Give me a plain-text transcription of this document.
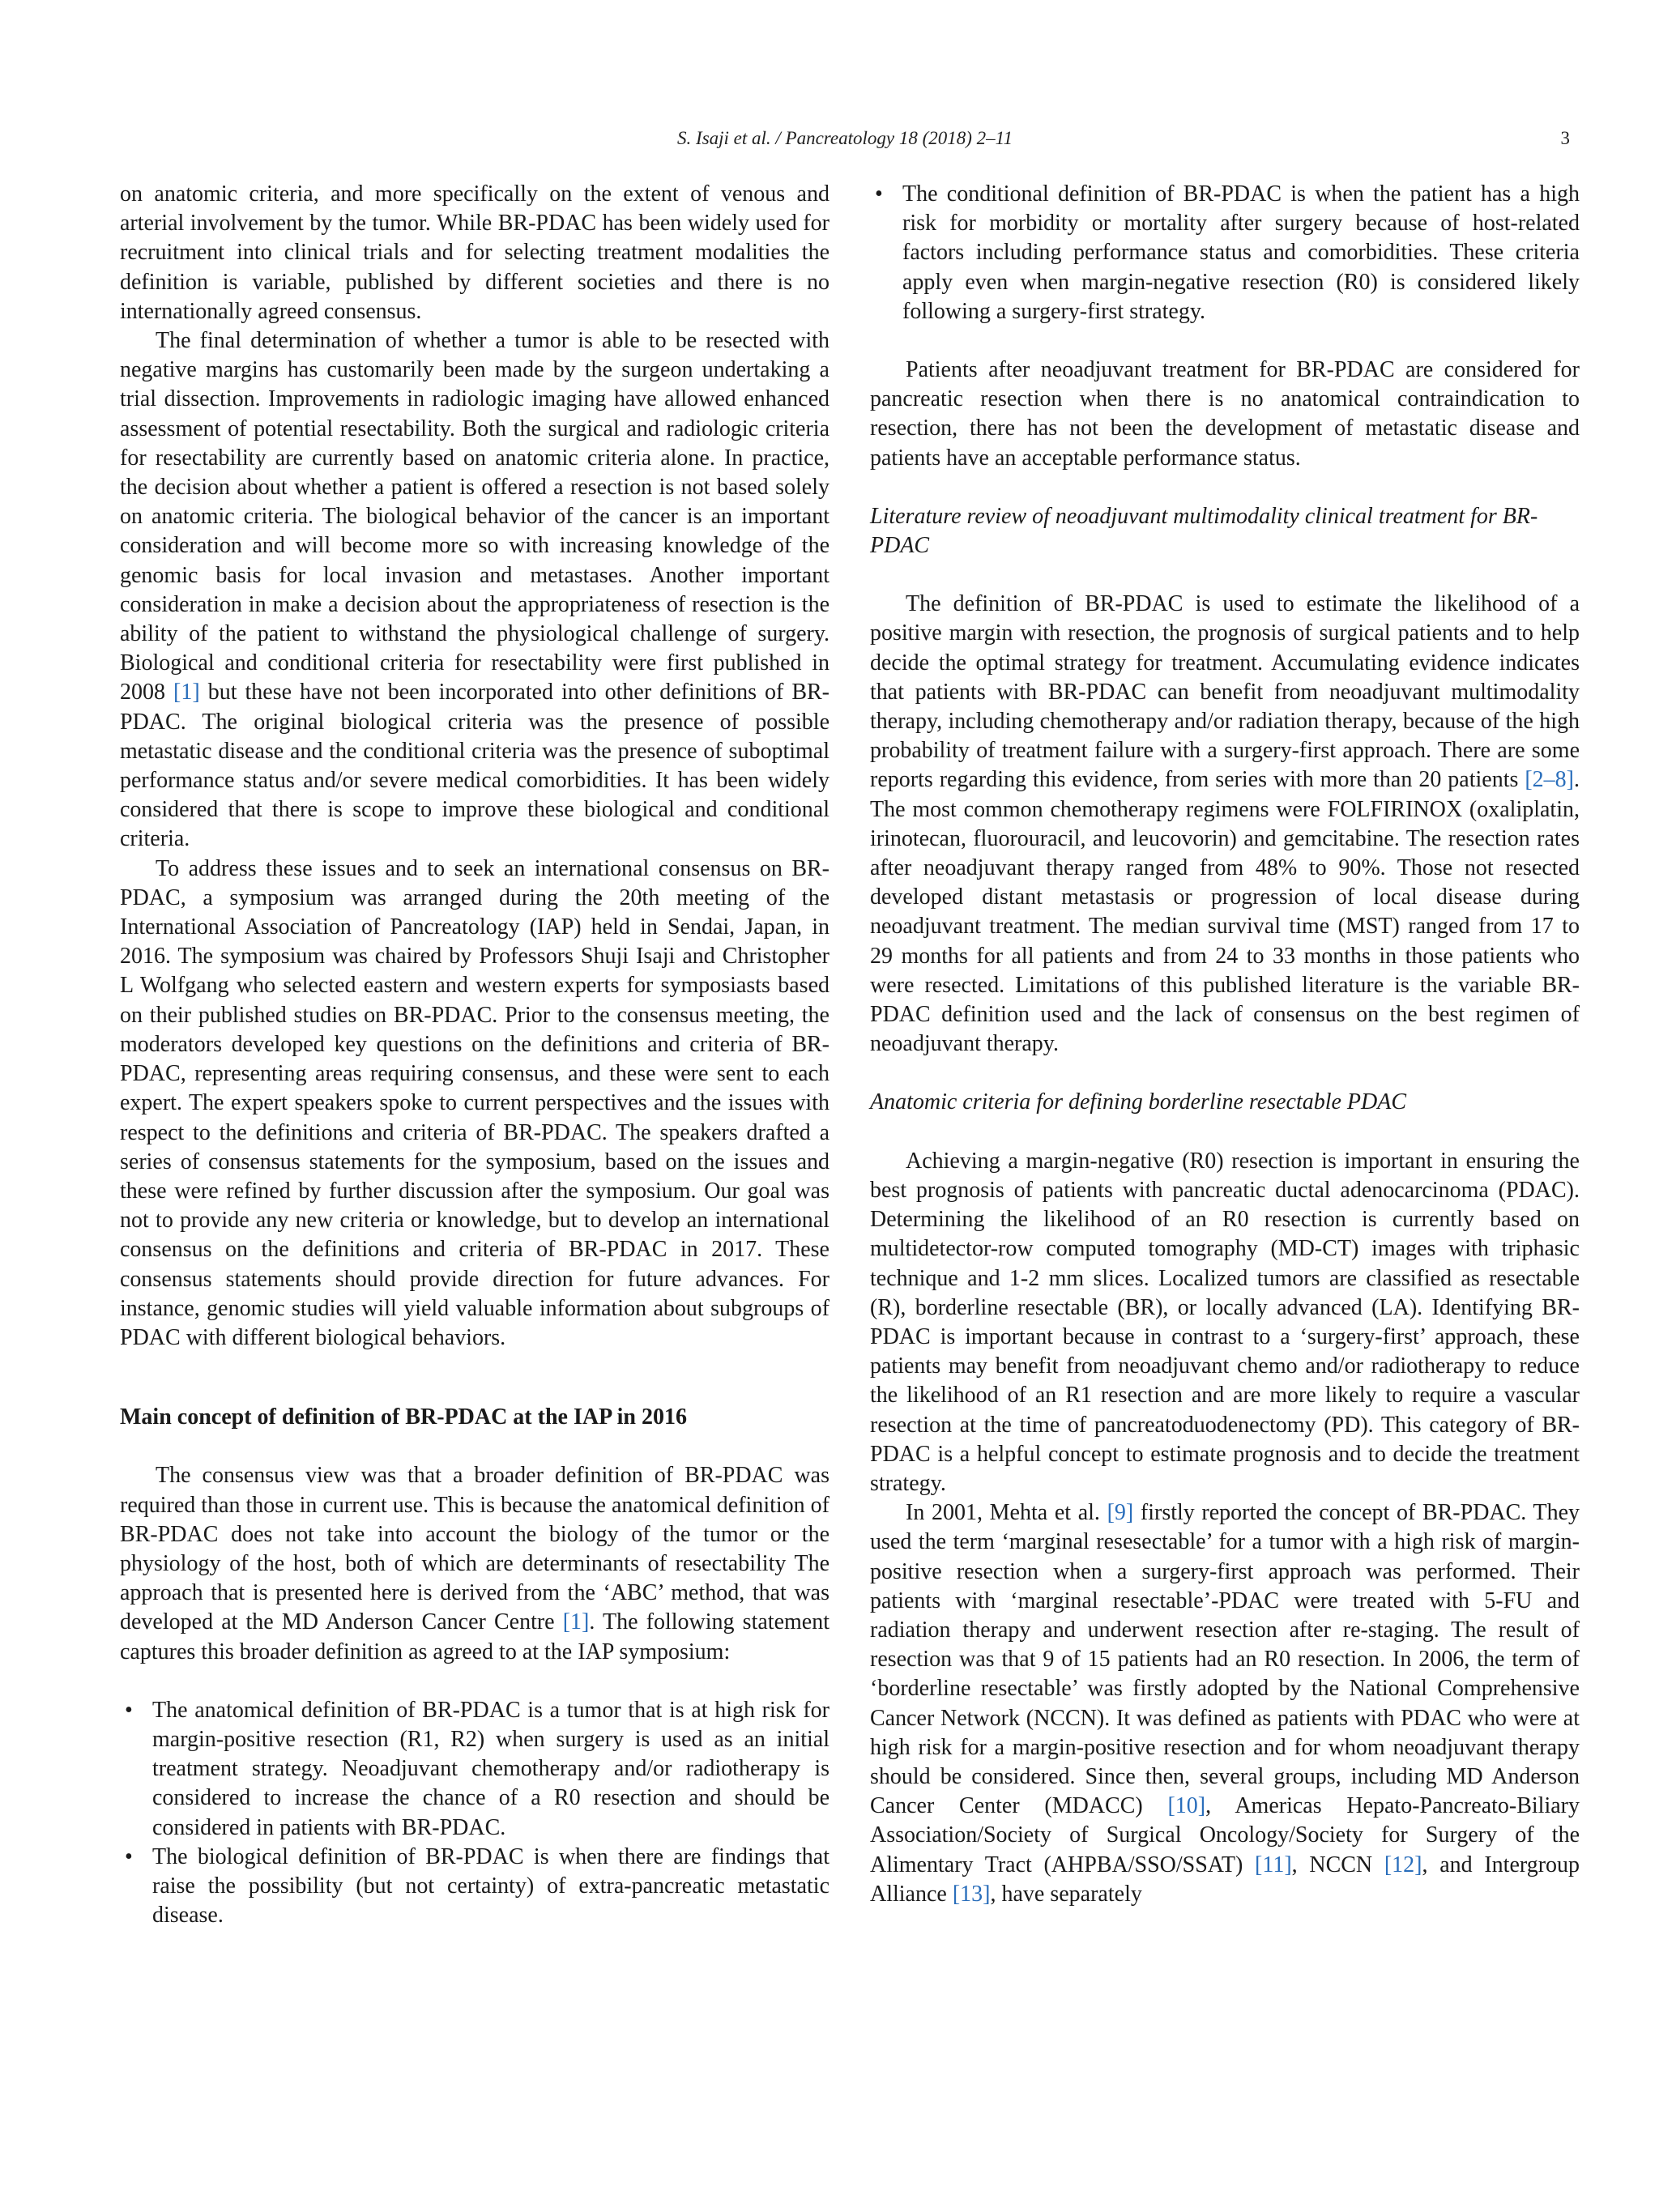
S. Isaji et al. / Pancreatology 18 (2018) 2–11	3

on anatomic criteria, and more specifically on the extent of venous and arterial involvement by the tumor. While BR-PDAC has been widely used for recruitment into clinical trials and for selecting treatment modalities the definition is variable, published by different societies and there is no internationally agreed consensus.

The final determination of whether a tumor is able to be resected with negative margins has customarily been made by the surgeon undertaking a trial dissection. Improvements in radiologic imaging have allowed enhanced assessment of potential resectability. Both the surgical and radiologic criteria for resectability are currently based on anatomic criteria alone. In practice, the decision about whether a patient is offered a resection is not based solely on anatomic criteria. The biological behavior of the cancer is an important consideration and will become more so with increasing knowledge of the genomic basis for local invasion and metastases. Another important consideration in make a decision about the appropriateness of resection is the ability of the patient to withstand the physiological challenge of surgery. Biological and conditional criteria for resectability were first published in 2008 [1] but these have not been incorporated into other definitions of BR-PDAC. The original biological criteria was the presence of possible metastatic disease and the conditional criteria was the presence of suboptimal performance status and/or severe medical comorbidities. It has been widely considered that there is scope to improve these biological and conditional criteria.

To address these issues and to seek an international consensus on BR-PDAC, a symposium was arranged during the 20th meeting of the International Association of Pancreatology (IAP) held in Sendai, Japan, in 2016. The symposium was chaired by Professors Shuji Isaji and Christopher L Wolfgang who selected eastern and western experts for symposiasts based on their published studies on BR-PDAC. Prior to the consensus meeting, the moderators developed key questions on the definitions and criteria of BR-PDAC, representing areas requiring consensus, and these were sent to each expert. The expert speakers spoke to current perspectives and the issues with respect to the definitions and criteria of BR-PDAC. The speakers drafted a series of consensus statements for the symposium, based on the issues and these were refined by further discussion after the symposium. Our goal was not to provide any new criteria or knowledge, but to develop an international consensus on the definitions and criteria of BR-PDAC in 2017. These consensus statements should provide direction for future advances. For instance, genomic studies will yield valuable information about subgroups of PDAC with different biological behaviors.

Main concept of definition of BR-PDAC at the IAP in 2016

The consensus view was that a broader definition of BR-PDAC was required than those in current use. This is because the anatomical definition of BR-PDAC does not take into account the biology of the tumor or the physiology of the host, both of which are determinants of resectability The approach that is presented here is derived from the ‘ABC’ method, that was developed at the MD Anderson Cancer Centre [1]. The following statement captures this broader definition as agreed to at the IAP symposium:

• The anatomical definition of BR-PDAC is a tumor that is at high risk for margin-positive resection (R1, R2) when surgery is used as an initial treatment strategy. Neoadjuvant chemotherapy and/or radiotherapy is considered to increase the chance of a R0 resection and should be considered in patients with BR-PDAC.
• The biological definition of BR-PDAC is when there are findings that raise the possibility (but not certainty) of extra-pancreatic metastatic disease.
• The conditional definition of BR-PDAC is when the patient has a high risk for morbidity or mortality after surgery because of host-related factors including performance status and comorbidities. These criteria apply even when margin-negative resection (R0) is considered likely following a surgery-first strategy.

Patients after neoadjuvant treatment for BR-PDAC are considered for pancreatic resection when there is no anatomical contraindication to resection, there has not been the development of metastatic disease and patients have an acceptable performance status.

Literature review of neoadjuvant multimodality clinical treatment for BR-PDAC

The definition of BR-PDAC is used to estimate the likelihood of a positive margin with resection, the prognosis of surgical patients and to help decide the optimal strategy for treatment. Accumulating evidence indicates that patients with BR-PDAC can benefit from neoadjuvant multimodality therapy, including chemotherapy and/or radiation therapy, because of the high probability of treatment failure with a surgery-first approach. There are some reports regarding this evidence, from series with more than 20 patients [2–8]. The most common chemotherapy regimens were FOLFIRINOX (oxaliplatin, irinotecan, fluorouracil, and leucovorin) and gemcitabine. The resection rates after neoadjuvant therapy ranged from 48% to 90%. Those not resected developed distant metastasis or progression of local disease during neoadjuvant treatment. The median survival time (MST) ranged from 17 to 29 months for all patients and from 24 to 33 months in those patients who were resected. Limitations of this published literature is the variable BR-PDAC definition used and the lack of consensus on the best regimen of neoadjuvant therapy.

Anatomic criteria for defining borderline resectable PDAC

Achieving a margin-negative (R0) resection is important in ensuring the best prognosis of patients with pancreatic ductal adenocarcinoma (PDAC). Determining the likelihood of an R0 resection is currently based on multidetector-row computed tomography (MD-CT) images with triphasic technique and 1-2 mm slices. Localized tumors are classified as resectable (R), borderline resectable (BR), or locally advanced (LA). Identifying BR-PDAC is important because in contrast to a ‘surgery-first’ approach, these patients may benefit from neoadjuvant chemo and/or radiotherapy to reduce the likelihood of an R1 resection and are more likely to require a vascular resection at the time of pancreatoduodenectomy (PD). This category of BR-PDAC is a helpful concept to estimate prognosis and to decide the treatment strategy.

In 2001, Mehta et al. [9] firstly reported the concept of BR-PDAC. They used the term ‘marginal resesectable’ for a tumor with a high risk of margin-positive resection when a surgery-first approach was performed. Their patients with ‘marginal resectable’-PDAC were treated with 5-FU and radiation therapy and underwent resection after re-staging. The result of resection was that 9 of 15 patients had an R0 resection. In 2006, the term of ‘borderline resectable’ was firstly adopted by the National Comprehensive Cancer Network (NCCN). It was defined as patients with PDAC who were at high risk for a margin-positive resection and for whom neoadjuvant therapy should be considered. Since then, several groups, including MD Anderson Cancer Center (MDACC) [10], Americas Hepato-Pancreato-Biliary Association/Society of Surgical Oncology/Society for Surgery of the Alimentary Tract (AHPBA/SSO/SSAT) [11], NCCN [12], and Intergroup Alliance [13], have separately
